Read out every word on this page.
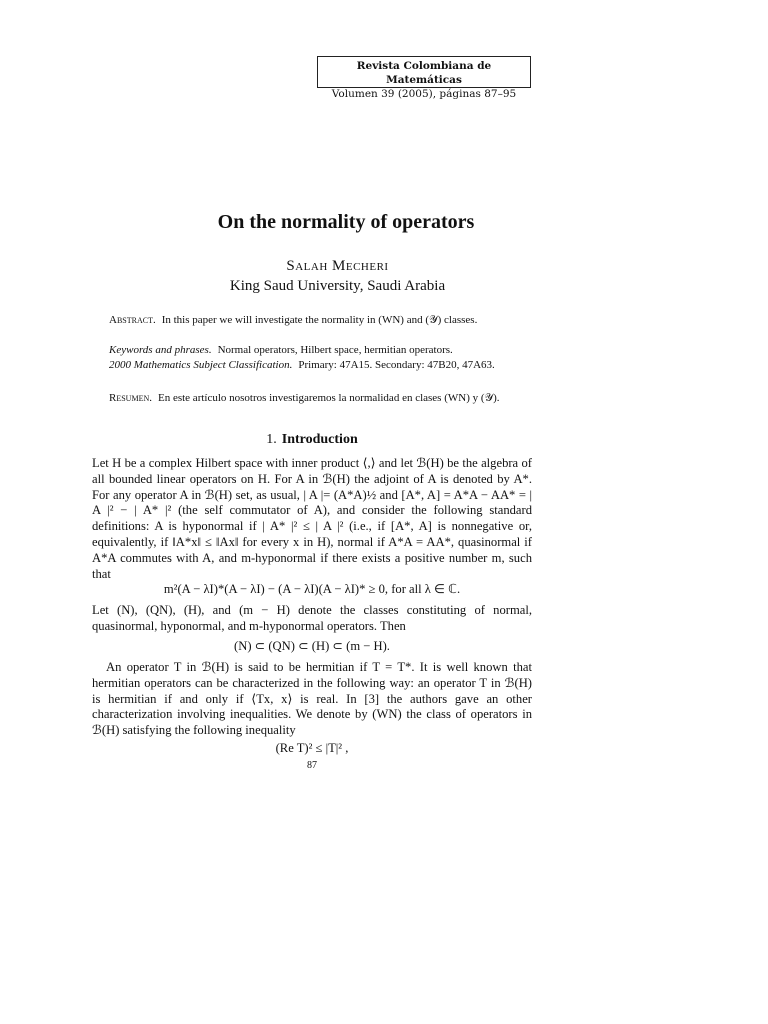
Revista Colombiana de Matemáticas
Volumen 39 (2005), páginas 87–95
On the normality of operators
Salah Mecheri
King Saud University, Saudi Arabia
Abstract. In this paper we will investigate the normality in (WN) and (𝒴) classes.
Keywords and phrases. Normal operators, Hilbert space, hermitian operators.
2000 Mathematics Subject Classification. Primary: 47A15. Secondary: 47B20, 47A63.
Resumen. En este artículo nosotros investigaremos la normalidad en clases (WN) y (𝒴).
1. Introduction
Let H be a complex Hilbert space with inner product ⟨,⟩ and let ℬ(H) be the algebra of all bounded linear operators on H. For A in ℬ(H) the adjoint of A is denoted by A*. For any operator A in ℬ(H) set, as usual, | A |= (A*A)½ and [A*, A] = A*A − AA* = | A |² − | A* |² (the self commutator of A), and consider the following standard definitions: A is hyponormal if | A* |² ≤ | A |² (i.e., if [A*, A] is nonnegative or, equivalently, if ‖A*x‖ ≤ ‖Ax‖ for every x in H), normal if A*A = AA*, quasinormal if A*A commutes with A, and m-hyponormal if there exists a positive number m, such that
m²(A − λI)*(A − λI) − (A − λI)(A − λI)* ≥ 0, for all λ ∈ ℂ.
Let (N), (QN), (H), and (m − H) denote the classes constituting of normal, quasinormal, hyponormal, and m-hyponormal operators. Then
(N) ⊂ (QN) ⊂ (H) ⊂ (m − H).
An operator T in ℬ(H) is said to be hermitian if T = T*. It is well known that hermitian operators can be characterized in the following way: an operator T in ℬ(H) is hermitian if and only if ⟨Tx, x⟩ is real. In [3] the authors gave an other characterization involving inequalities. We denote by (WN) the class of operators in ℬ(H) satisfying the following inequality
(Re T)² ≤ |T|² ,
87
